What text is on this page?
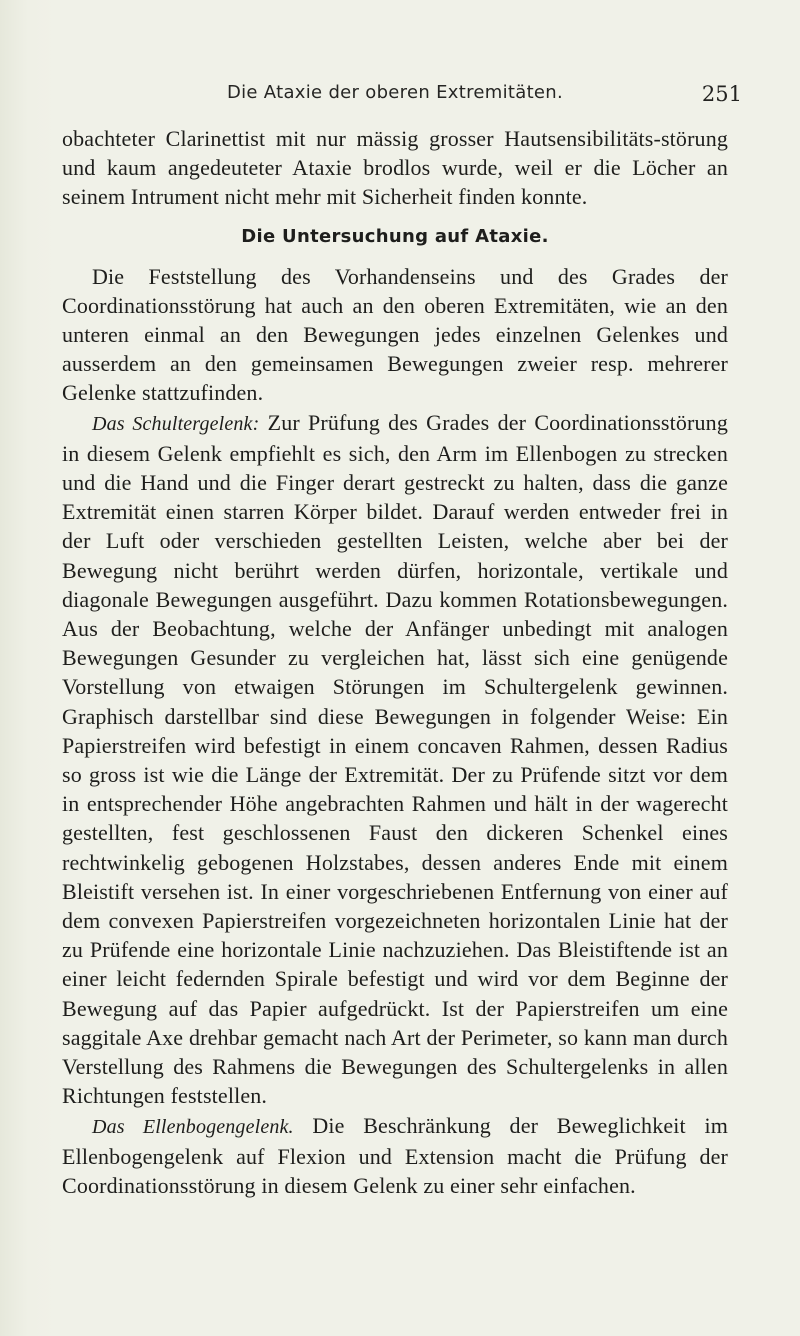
Die Ataxie der oberen Extremitäten.	251

obachteter Clarinettist mit nur mässig grosser Hautsensibilitäts-störung und kaum angedeuteter Ataxie brodlos wurde, weil er die Löcher an seinem Intrument nicht mehr mit Sicherheit finden konnte.

Die Untersuchung auf Ataxie.

Die Feststellung des Vorhandenseins und des Grades der Coordinationsstörung hat auch an den oberen Extremitäten, wie an den unteren einmal an den Bewegungen jedes einzelnen Gelenkes und ausserdem an den gemeinsamen Bewegungen zweier resp. mehrerer Gelenke stattzufinden.

Das Schultergelenk: Zur Prüfung des Grades der Coordinationsstörung in diesem Gelenk empfiehlt es sich, den Arm im Ellenbogen zu strecken und die Hand und die Finger derart gestreckt zu halten, dass die ganze Extremität einen starren Körper bildet. Darauf werden entweder frei in der Luft oder verschieden gestellten Leisten, welche aber bei der Bewegung nicht berührt werden dürfen, horizontale, vertikale und diagonale Bewegungen ausgeführt. Dazu kommen Rotationsbewegungen. Aus der Beobachtung, welche der Anfänger unbedingt mit analogen Bewegungen Gesunder zu vergleichen hat, lässt sich eine genügende Vorstellung von etwaigen Störungen im Schultergelenk gewinnen. Graphisch darstellbar sind diese Bewegungen in folgender Weise: Ein Papierstreifen wird befestigt in einem concaven Rahmen, dessen Radius so gross ist wie die Länge der Extremität. Der zu Prüfende sitzt vor dem in entsprechender Höhe angebrachten Rahmen und hält in der wagerecht gestellten, fest geschlossenen Faust den dickeren Schenkel eines rechtwinkelig gebogenen Holzstabes, dessen anderes Ende mit einem Bleistift versehen ist. In einer vorgeschriebenen Entfernung von einer auf dem convexen Papierstreifen vorgezeichneten horizontalen Linie hat der zu Prüfende eine horizontale Linie nachzuziehen. Das Bleistiftende ist an einer leicht federnden Spirale befestigt und wird vor dem Beginne der Bewegung auf das Papier aufgedrückt. Ist der Papierstreifen um eine saggitale Axe drehbar gemacht nach Art der Perimeter, so kann man durch Verstellung des Rahmens die Bewegungen des Schultergelenks in allen Richtungen feststellen.

Das Ellenbogengelenk. Die Beschränkung der Beweglichkeit im Ellenbogengelenk auf Flexion und Extension macht die Prüfung der Coordinationsstörung in diesem Gelenk zu einer sehr einfachen.
